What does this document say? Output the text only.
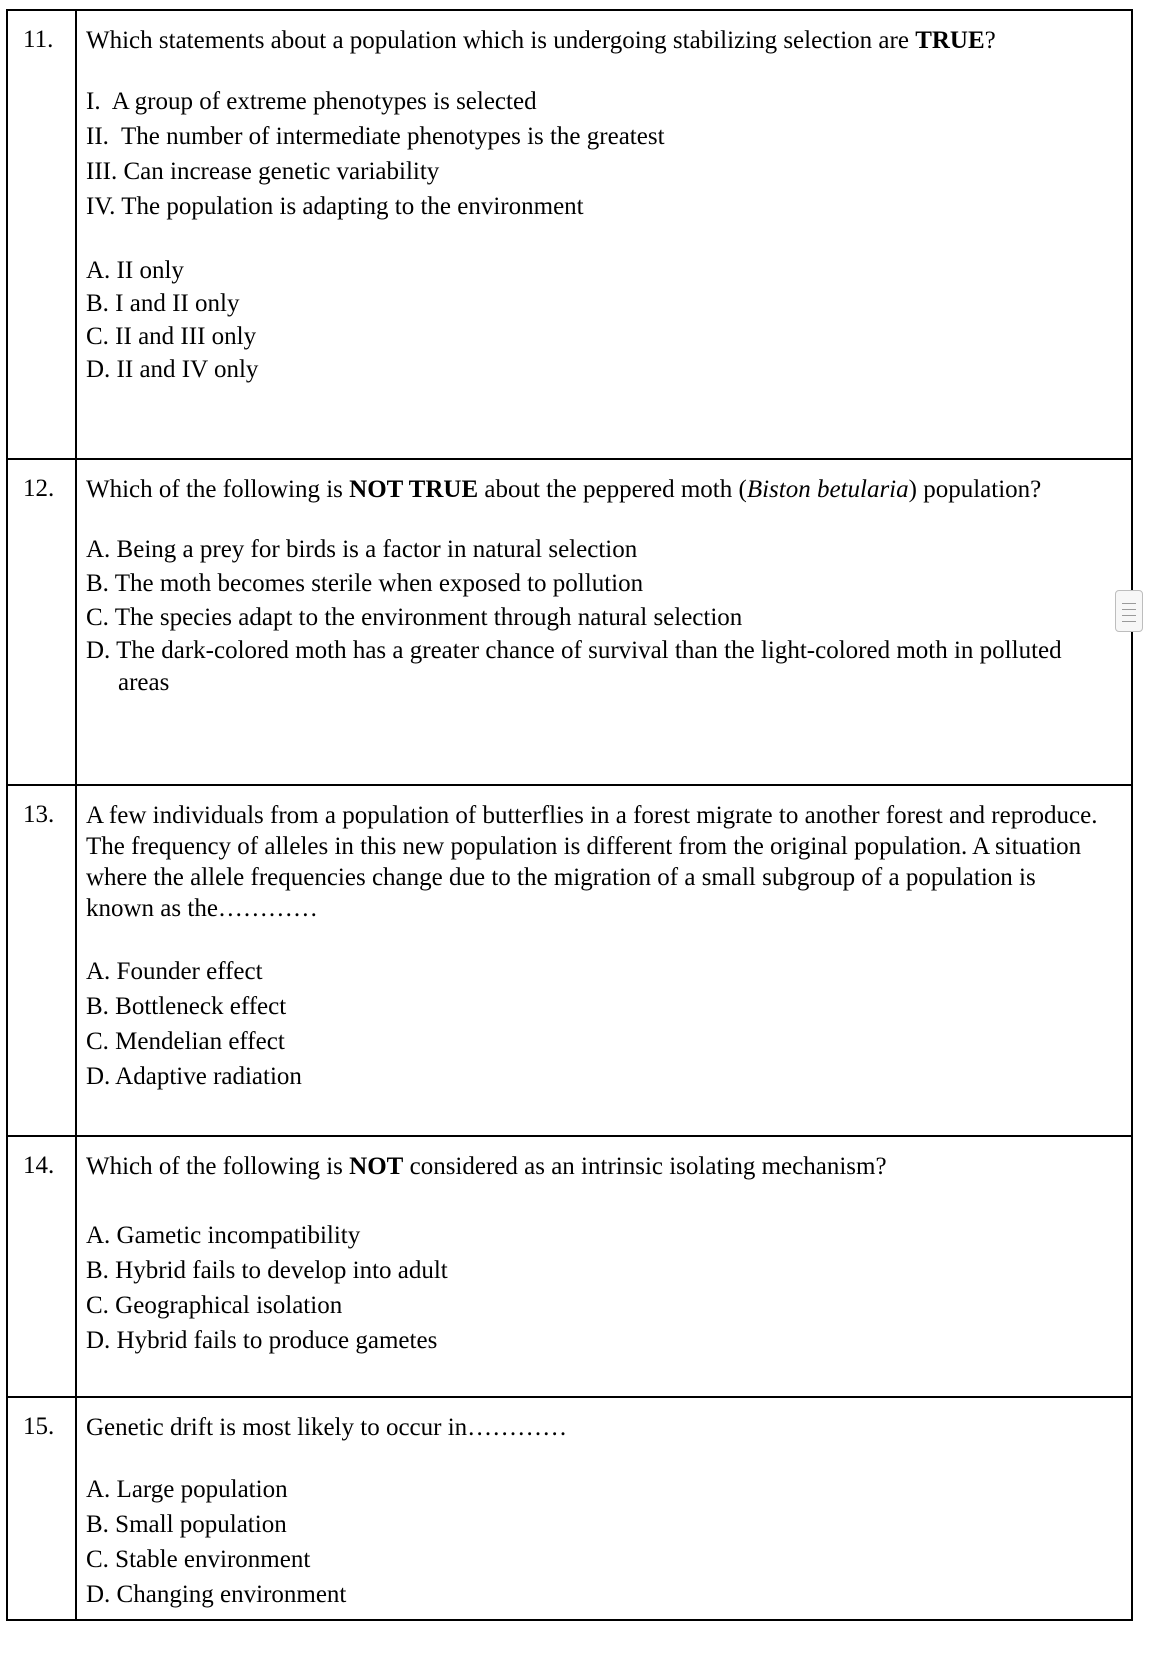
11. Which statements about a population which is undergoing stabilizing selection are TRUE?
I.  A group of extreme phenotypes is selected
II.  The number of intermediate phenotypes is the greatest
III. Can increase genetic variability
IV. The population is adapting to the environment
A. II only
B. I and II only
C. II and III only
D. II and IV only
12. Which of the following is NOT TRUE about the peppered moth (Biston betularia) population?
A. Being a prey for birds is a factor in natural selection
B. The moth becomes sterile when exposed to pollution
C. The species adapt to the environment through natural selection
D. The dark-colored moth has a greater chance of survival than the light-colored moth in polluted areas
13. A few individuals from a population of butterflies in a forest migrate to another forest and reproduce. The frequency of alleles in this new population is different from the original population. A situation where the allele frequencies change due to the migration of a small subgroup of a population is known as the…………
A. Founder effect
B. Bottleneck effect
C. Mendelian effect
D. Adaptive radiation
14. Which of the following is NOT considered as an intrinsic isolating mechanism?
A. Gametic incompatibility
B. Hybrid fails to develop into adult
C. Geographical isolation
D. Hybrid fails to produce gametes
15. Genetic drift is most likely to occur in…………
A. Large population
B. Small population
C. Stable environment
D. Changing environment
